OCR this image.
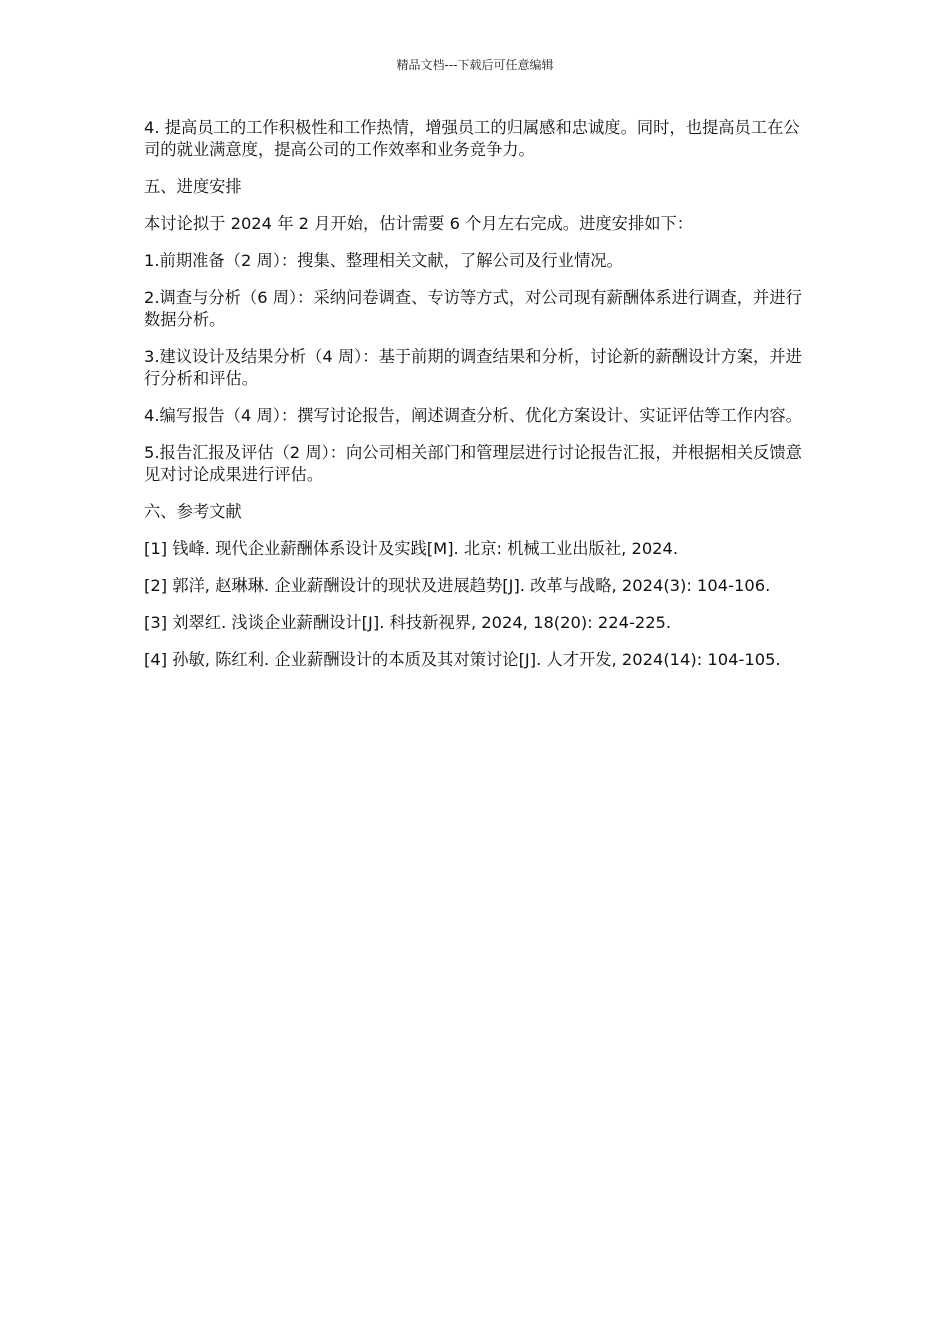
精品文档---下载后可任意编辑

4. 提高员工的工作积极性和工作热情，增强员工的归属感和忠诚度。同时，也提高员工在公司的就业满意度，提高公司的工作效率和业务竞争力。

五、进度安排

本讨论拟于 2024 年 2 月开始，估计需要 6 个月左右完成。进度安排如下：

1.前期准备（2 周）：搜集、整理相关文献，了解公司及行业情况。

2.调查与分析（6 周）：采纳问卷调查、专访等方式，对公司现有薪酬体系进行调查，并进行数据分析。

3.建议设计及结果分析（4 周）：基于前期的调查结果和分析，讨论新的薪酬设计方案，并进行分析和评估。

4.编写报告（4 周）：撰写讨论报告，阐述调查分析、优化方案设计、实证评估等工作内容。

5.报告汇报及评估（2 周）：向公司相关部门和管理层进行讨论报告汇报，并根据相关反馈意见对讨论成果进行评估。

六、参考文献

[1] 钱峰. 现代企业薪酬体系设计及实践[M]. 北京: 机械工业出版社, 2024.

[2] 郭洋, 赵琳琳. 企业薪酬设计的现状及进展趋势[J]. 改革与战略, 2024(3): 104-106.

[3] 刘翠红. 浅谈企业薪酬设计[J]. 科技新视界, 2024, 18(20): 224-225.

[4] 孙敏, 陈红利. 企业薪酬设计的本质及其对策讨论[J]. 人才开发, 2024(14): 104-105.
